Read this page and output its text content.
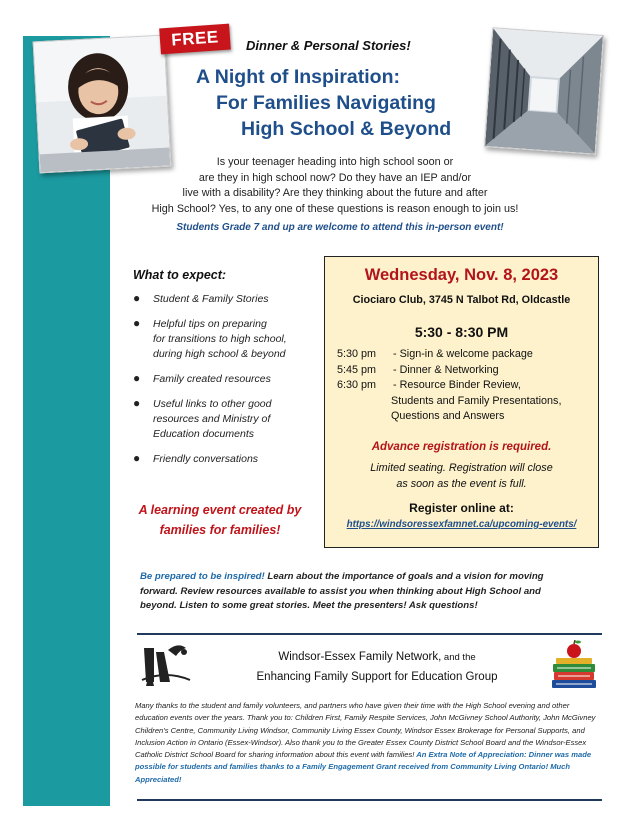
FREE	Dinner & Personal Stories!
A Night of Inspiration:
For Families Navigating
High School & Beyond
Is your teenager heading into high school soon or
are they in high school now? Do they have an IEP and/or
live with a disability? Are they thinking about the future and after
High School? Yes, to any one of these questions is reason enough to join us!
Students Grade 7 and up are welcome to attend this in-person event!
What to expect:
● Student & Family Stories
● Helpful tips on preparing
for transitions to high school,
during high school & beyond
● Family created resources
● Useful links to other good
resources and Ministry of
Education documents
● Friendly conversations
A learning event created by
families for families!
Wednesday, Nov. 8, 2023
Ciociaro Club, 3745 N Talbot Rd, Oldcastle
5:30 - 8:30 PM
5:30 pm	- Sign-in & welcome package
5:45 pm	- Dinner & Networking
6:30 pm	- Resource Binder Review,
Students and Family Presentations,
Questions and Answers
Advance registration is required.
Limited seating. Registration will close
as soon as the event is full.
Register online at:
https://windsoressexfamnet.ca/upcoming-events/
Be prepared to be inspired! Learn about the importance of goals and a vision for moving
forward. Review resources available to assist you when thinking about High School and
beyond. Listen to some great stories. Meet the presenters! Ask questions!
Windsor-Essex Family Network, and the
Enhancing Family Support for Education Group
Many thanks to the student and family volunteers, and partners who have given their time with the High School evening and other education events over the years. Thank you to: Children First, Family Respite Services, John McGivney School Authority, John McGivney Children's Centre, Community Living Windsor, Community Living Essex County, Windsor Essex Brokerage for Personal Supports, and Inclusion Action in Ontario (Essex-Windsor). Also thank you to the Greater Essex County District School Board and the Windsor-Essex Catholic District School Board for sharing information about this event with families! An Extra Note of Appreciation: Dinner was made possible for students and families thanks to a Family Engagement Grant received from Community Living Ontario! Much Appreciated!
